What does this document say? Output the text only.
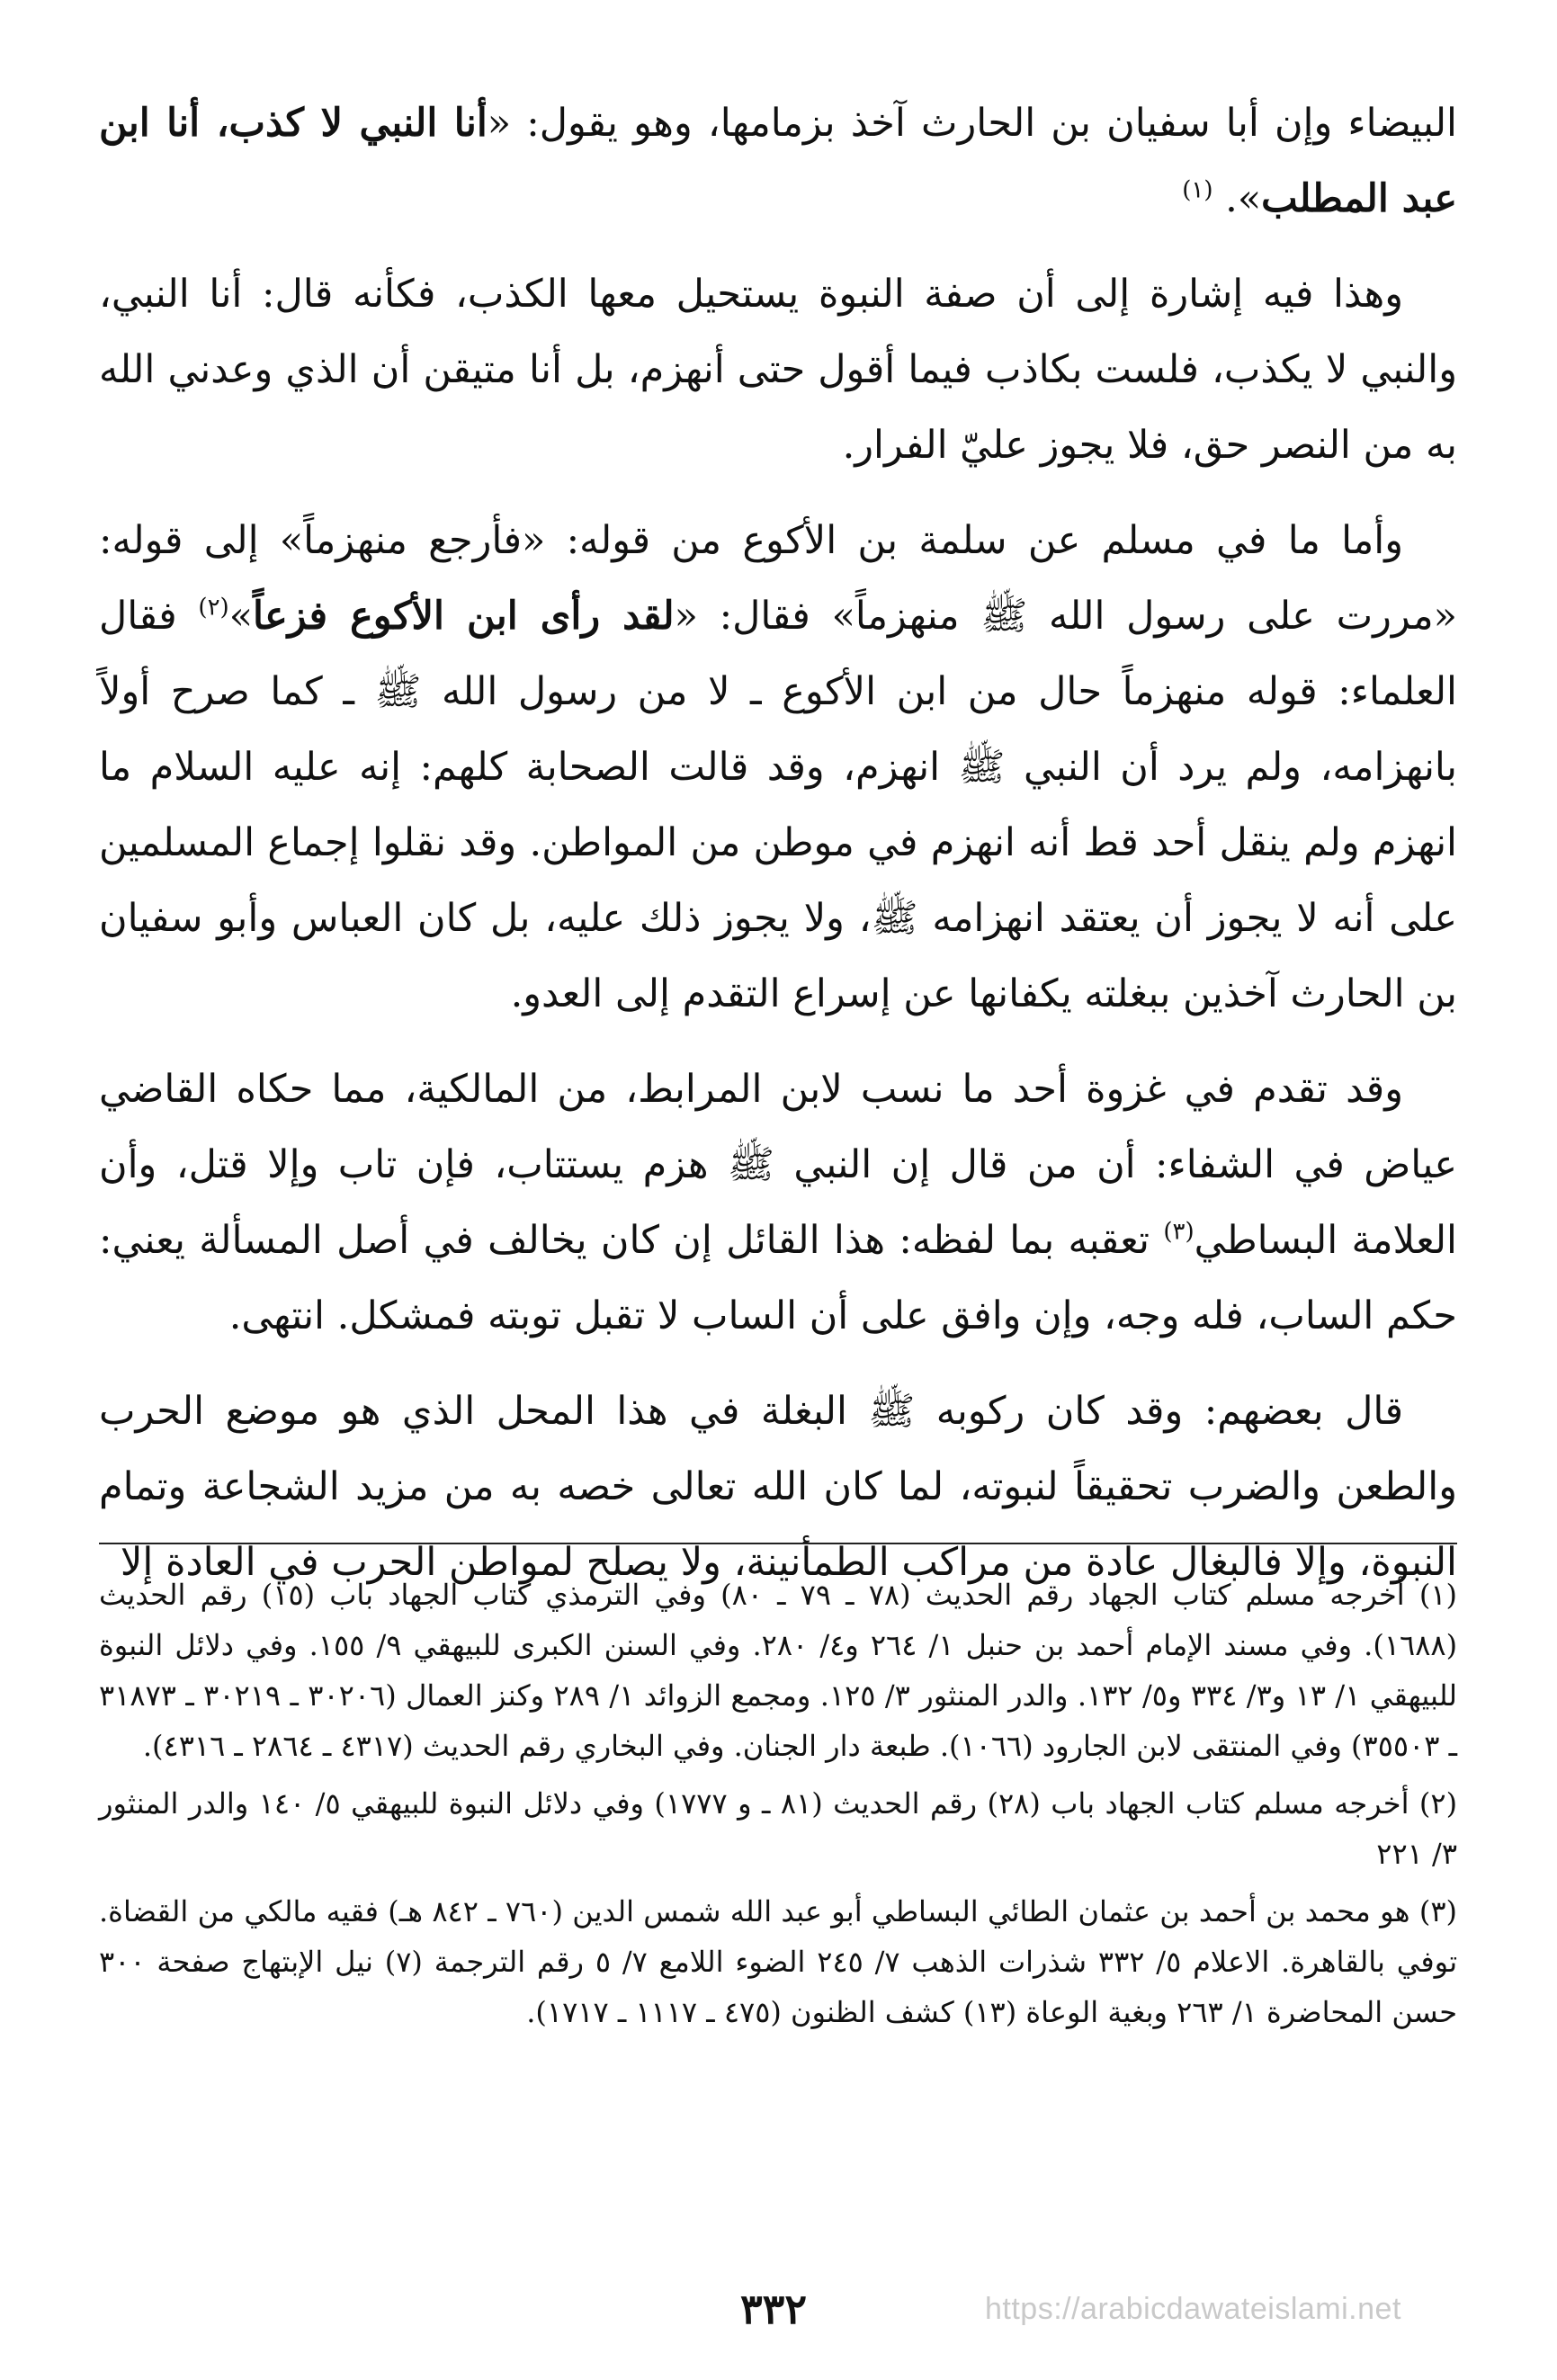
البيضاء وإن أبا سفيان بن الحارث آخذ بزمامها، وهو يقول: «أنا النبي لا كذب، أنا ابن عبد المطلب». $^{(١)}$

وهذا فيه إشارة إلى أن صفة النبوة يستحيل معها الكذب، فكأنه قال: أنا النبي، والنبي لا يكذب، فلست بكاذب فيما أقول حتى أنهزم، بل أنا متيقن أن الذي وعدني الله به من النصر حق، فلا يجوز عليّ الفرار.

وأما ما في مسلم عن سلمة بن الأكوع من قوله: «فأرجع منهزماً» إلى قوله: «مررت على رسول الله ﷺ منهزماً» فقال: «لقد رأى ابن الأكوع فزعاً»$^{(٢)}$ فقال العلماء: قوله منهزماً حال من ابن الأكوع ـ لا من رسول الله ﷺ ـ كما صرح أولاً بانهزامه، ولم يرد أن النبي ﷺ انهزم، وقد قالت الصحابة كلهم: إنه عليه السلام ما انهزم ولم ينقل أحد قط أنه انهزم في موطن من المواطن. وقد نقلوا إجماع المسلمين على أنه لا يجوز أن يعتقد انهزامه ﷺ، ولا يجوز ذلك عليه، بل كان العباس وأبو سفيان بن الحارث آخذين ببغلته يكفانها عن إسراع التقدم إلى العدو.

وقد تقدم في غزوة أحد ما نسب لابن المرابط، من المالكية، مما حكاه القاضي عياض في الشفاء: أن من قال إن النبي ﷺ هزم يستتاب، فإن تاب وإلا قتل، وأن العلامة البساطي$^{(٣)}$ تعقبه بما لفظه: هذا القائل إن كان يخالف في أصل المسألة يعني: حكم الساب، فله وجه، وإن وافق على أن الساب لا تقبل توبته فمشكل. انتهى.

قال بعضهم: وقد كان ركوبه ﷺ البغلة في هذا المحل الذي هو موضع الحرب والطعن والضرب تحقيقاً لنبوته، لما كان الله تعالى خصه به من مزيد الشجاعة وتمام النبوة، وإلا فالبغال عادة من مراكب الطمأنينة، ولا يصلح لمواطن الحرب في العادة إلا

(١) أخرجه مسلم كتاب الجهاد رقم الحديث (٧٨ ـ ٧٩ ـ ٨٠) وفي الترمذي كتاب الجهاد باب (١٥) رقم الحديث (١٦٨٨). وفي مسند الإمام أحمد بن حنبل ١/ ٢٦٤ و٤/ ٢٨٠. وفي السنن الكبرى للبيهقي ٩/ ١٥٥. وفي دلائل النبوة للبيهقي ١/ ١٣ و٣/ ٣٣٤ و٥/ ١٣٢. والدر المنثور ٣/ ١٢٥. ومجمع الزوائد ١/ ٢٨٩ وكنز العمال (٣٠٢٠٦ ـ ٣٠٢١٩ ـ ٣١٨٧٣ ـ ٣٥٥٠٣) وفي المنتقى لابن الجارود (١٠٦٦). طبعة دار الجنان. وفي البخاري رقم الحديث (٤٣١٧ ـ ٢٨٦٤ ـ ٤٣١٦).

(٢) أخرجه مسلم كتاب الجهاد باب (٢٨) رقم الحديث (٨١ ـ و ١٧٧٧) وفي دلائل النبوة للبيهقي ٥/ ١٤٠ والدر المنثور ٣/ ٢٢١

(٣) هو محمد بن أحمد بن عثمان الطائي البساطي أبو عبد الله شمس الدين (٧٦٠ ـ ٨٤٢ هـ) فقيه مالكي من القضاة. توفي بالقاهرة. الاعلام ٥/ ٣٣٢ شذرات الذهب ٧/ ٢٤٥ الضوء اللامع ٧/ ٥ رقم الترجمة (٧) نيل الإبتهاج صفحة ٣٠٠ حسن المحاضرة ١/ ٢٦٣ وبغية الوعاة (١٣) كشف الظنون (٤٧٥ ـ ١١١٧ ـ ١٧١٧).

٣٣٢	https://arabicdawateislami.net
